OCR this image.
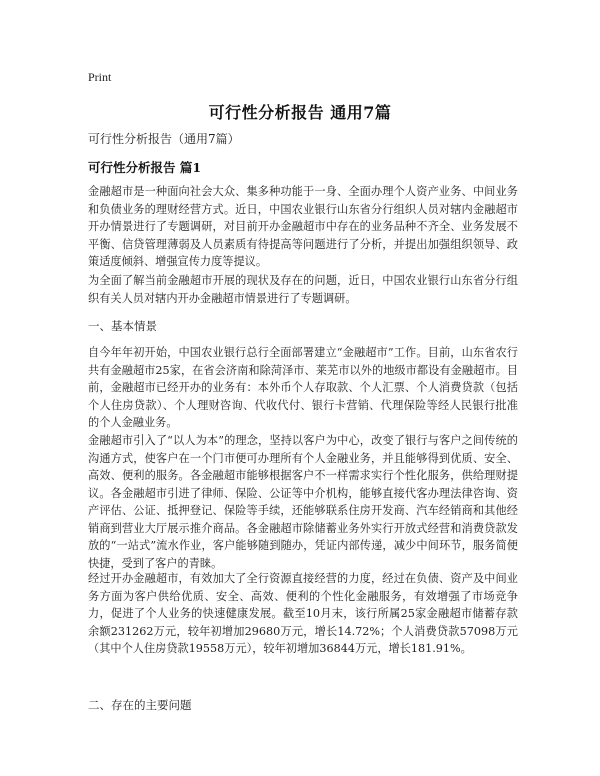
Print
可行性分析报告 通用7篇
可行性分析报告（通用7篇）
可行性分析报告 篇1
金融超市是一种面向社会大众、集多种功能于一身、全面办理个人资产业务、中间业务和负债业务的理财经营方式。近日，中国农业银行山东省分行组织人员对辖内金融超市开办情景进行了专题调研，对目前开办金融超市中存在的业务品种不齐全、业务发展不平衡、信贷管理薄弱及人员素质有待提高等问题进行了分析，并提出加强组织领导、政策适度倾斜、增强宣传力度等提议。
为全面了解当前金融超市开展的现状及存在的问题，近日，中国农业银行山东省分行组织有关人员对辖内开办金融超市情景进行了专题调研。
一、基本情景
自今年年初开始，中国农业银行总行全面部署建立“金融超市”工作。目前，山东省农行共有金融超市25家，在省会济南和除菏泽市、莱芜市以外的地级市都设有金融超市。目前，金融超市已经开办的业务有：本外币个人存取款、个人汇票、个人消费贷款（包括个人住房贷款）、个人理财咨询、代收代付、银行卡营销、代理保险等经人民银行批准的个人金融业务。
金融超市引入了“以人为本”的理念，坚持以客户为中心，改变了银行与客户之间传统的沟通方式，使客户在一个门市便可办理所有个人金融业务，并且能够得到优质、安全、高效、便利的服务。各金融超市能够根据客户不一样需求实行个性化服务，供给理财提议。各金融超市引进了律师、保险、公证等中介机构，能够直接代客办理法律咨询、资产评估、公证、抵押登记、保险等手续，还能够联系住房开发商、汽车经销商和其他经销商到营业大厅展示推介商品。各金融超市除储蓄业务外实行开放式经营和消费贷款发放的“一站式”流水作业，客户能够随到随办，凭证内部传递，减少中间环节，服务简便快捷，受到了客户的青睐。
经过开办金融超市，有效加大了全行资源直接经营的力度，经过在负债、资产及中间业务方面为客户供给优质、安全、高效、便利的个性化金融服务，有效增强了市场竞争力，促进了个人业务的快速健康发展。截至10月末，该行所属25家金融超市储蓄存款余额231262万元，较年初增加29680万元，增长14.72%；个人消费贷款57098万元（其中个人住房贷款19558万元），较年初增加36844万元，增长181.91%。
二、存在的主要问题
